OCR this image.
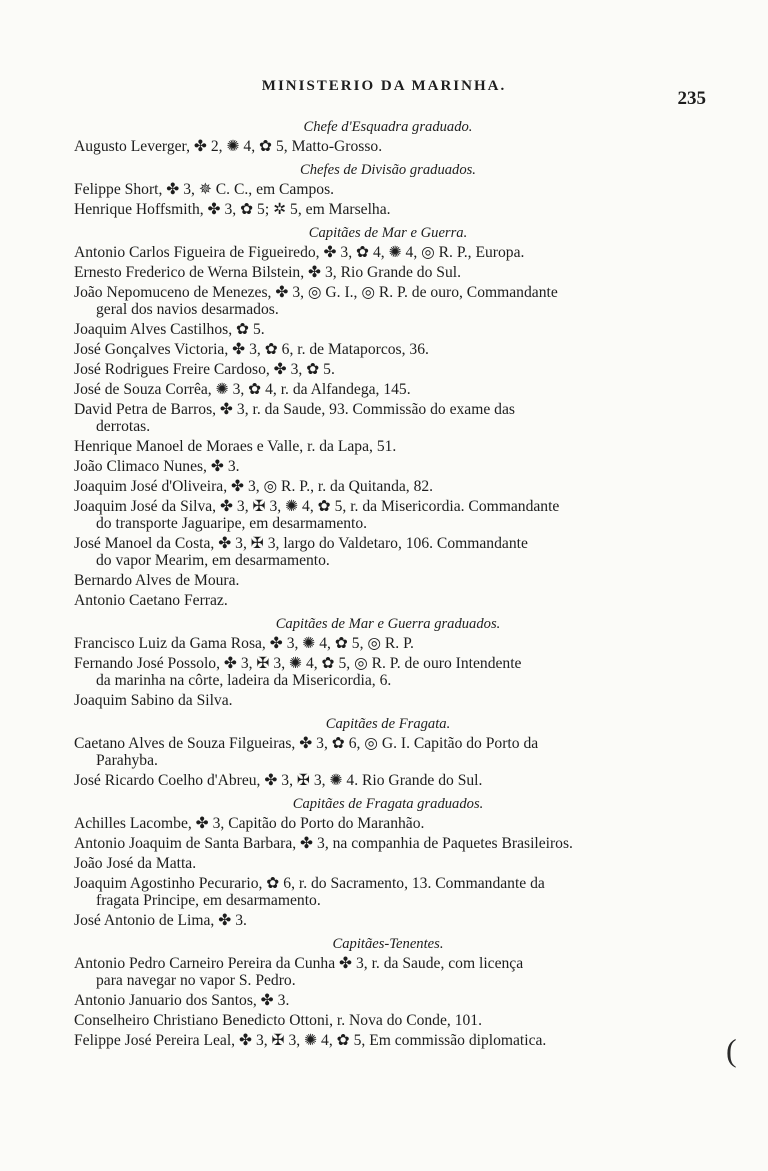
MINISTERIO DA MARINHA.
235
Chefe d'Esquadra graduado.
Augusto Leverger, ✤ 2, ✺ 4, ✿ 5, Matto-Grosso.
Chefes de Divisão graduados.
Felippe Short, ✤ 3, ✵ C. C., em Campos.
Henrique Hoffsmith, ✤ 3, ✿ 5; ✲ 5, em Marselha.
Capitães de Mar e Guerra.
Antonio Carlos Figueira de Figueiredo, ✤ 3, ✿ 4, ✺ 4, ◎ R. P., Europa.
Ernesto Frederico de Werna Bilstein, ✤ 3, Rio Grande do Sul.
João Nepomuceno de Menezes, ✤ 3, ◎ G. I., ◎ R. P. de ouro, Commandante
geral dos navios desarmados.
Joaquim Alves Castilhos, ✿ 5.
José Gonçalves Victoria, ✤ 3, ✿ 6, r. de Mataporcos, 36.
José Rodrigues Freire Cardoso, ✤ 3, ✿ 5.
José de Souza Corrêa, ✺ 3, ✿ 4, r. da Alfandega, 145.
David Petra de Barros, ✤ 3, r. da Saude, 93. Commissão do exame das
derrotas.
Henrique Manoel de Moraes e Valle, r. da Lapa, 51.
João Climaco Nunes, ✤ 3.
Joaquim José d'Oliveira, ✤ 3, ◎ R. P., r. da Quitanda, 82.
Joaquim José da Silva, ✤ 3, ✠ 3, ✺ 4, ✿ 5, r. da Misericordia. Commandante
do transporte Jaguaripe, em desarmamento.
José Manoel da Costa, ✤ 3, ✠ 3, largo do Valdetaro, 106. Commandante
do vapor Mearim, em desarmamento.
Bernardo Alves de Moura.
Antonio Caetano Ferraz.
Capitães de Mar e Guerra graduados.
Francisco Luiz da Gama Rosa, ✤ 3, ✺ 4, ✿ 5, ◎ R. P.
Fernando José Possolo, ✤ 3, ✠ 3, ✺ 4, ✿ 5, ◎ R. P. de ouro Intendente
da marinha na côrte, ladeira da Misericordia, 6.
Joaquim Sabino da Silva.
Capitães de Fragata.
Caetano Alves de Souza Filgueiras, ✤ 3, ✿ 6, ◎ G. I. Capitão do Porto da
Parahyba.
José Ricardo Coelho d'Abreu, ✤ 3, ✠ 3, ✺ 4. Rio Grande do Sul.
Capitães de Fragata graduados.
Achilles Lacombe, ✤ 3, Capitão do Porto do Maranhão.
Antonio Joaquim de Santa Barbara, ✤ 3, na companhia de Paquetes Brasileiros.
João José da Matta.
Joaquim Agostinho Pecurario, ✿ 6, r. do Sacramento, 13. Commandante da
fragata Principe, em desarmamento.
José Antonio de Lima, ✤ 3.
Capitães-Tenentes.
Antonio Pedro Carneiro Pereira da Cunha ✤ 3, r. da Saude, com licença
para navegar no vapor S. Pedro.
Antonio Januario dos Santos, ✤ 3.
Conselheiro Christiano Benedicto Ottoni, r. Nova do Conde, 101.
Felippe José Pereira Leal, ✤ 3, ✠ 3, ✺ 4, ✿ 5, Em commissão diplomatica.	(
